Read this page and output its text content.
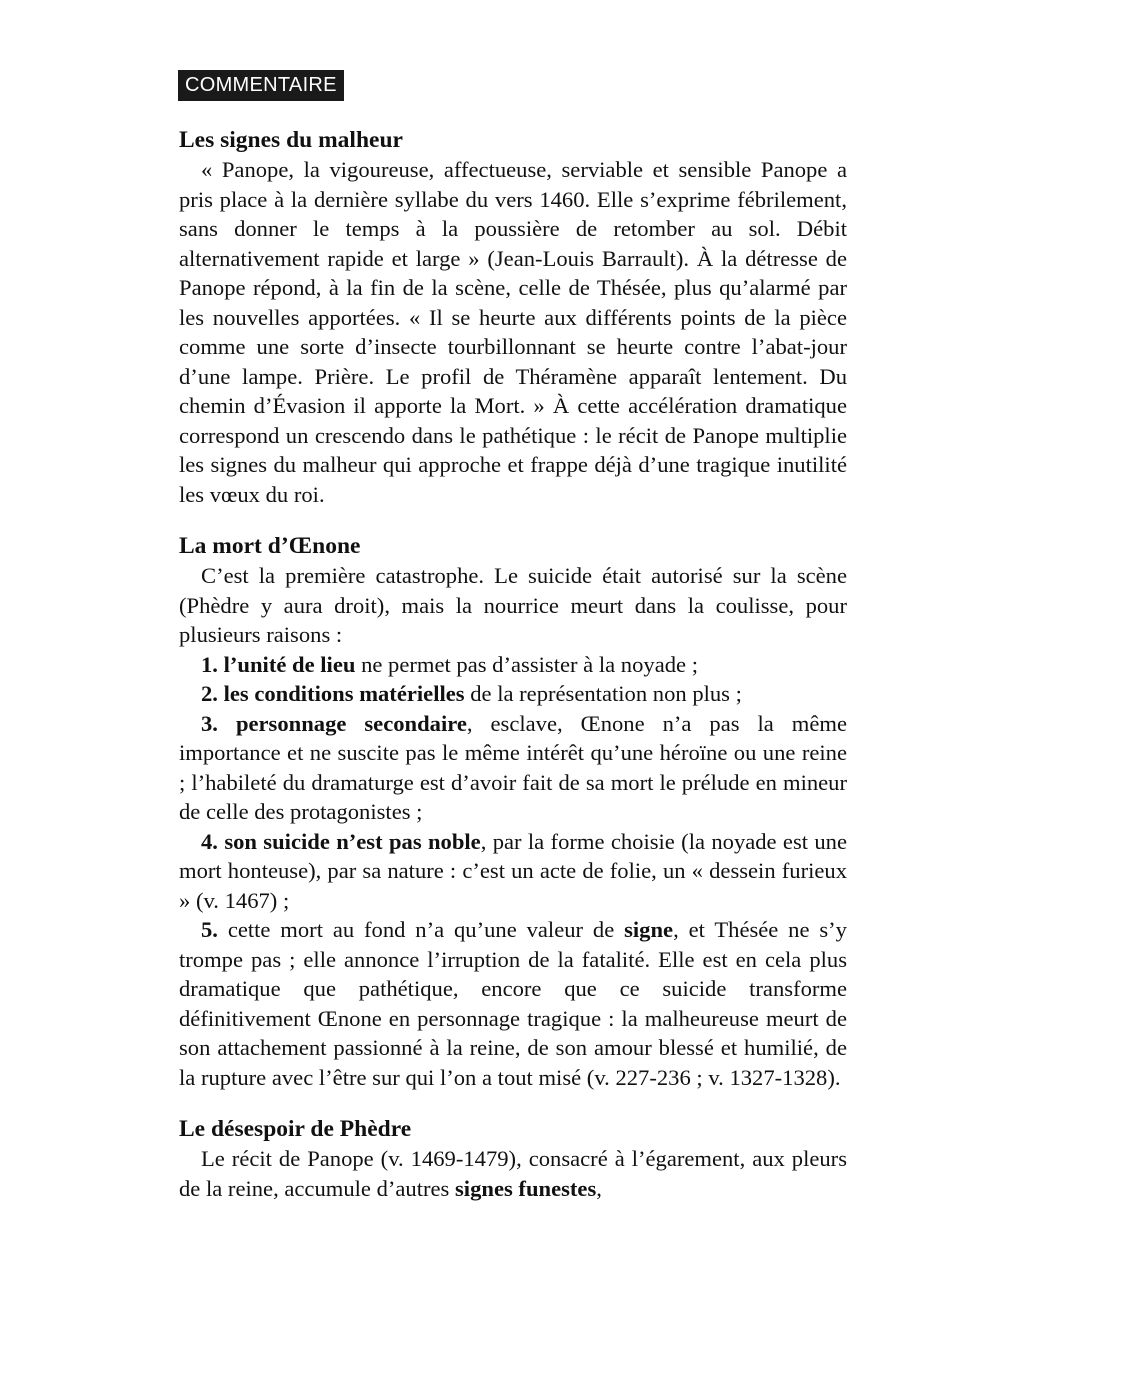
COMMENTAIRE
Les signes du malheur

« Panope, la vigoureuse, affectueuse, serviable et sensible Panope a pris place à la dernière syllabe du vers 1460. Elle s’exprime fébrilement, sans donner le temps à la poussière de retomber au sol. Débit alternativement rapide et large » (Jean-Louis Barrault). À la détresse de Panope répond, à la fin de la scène, celle de Thésée, plus qu’alarmé par les nouvelles apportées. « Il se heurte aux différents points de la pièce comme une sorte d’insecte tourbillonnant se heurte contre l’abat-jour d’une lampe. Prière. Le profil de Théramène apparaît lentement. Du chemin d’Évasion il apporte la Mort. » À cette accélération dramatique correspond un crescendo dans le pathétique : le récit de Panope multiplie les signes du malheur qui approche et frappe déjà d’une tragique inutilité les vœux du roi.

La mort d’Œnone

C’est la première catastrophe. Le suicide était autorisé sur la scène (Phèdre y aura droit), mais la nourrice meurt dans la coulisse, pour plusieurs raisons :

1. l’unité de lieu ne permet pas d’assister à la noyade ;

2. les conditions matérielles de la représentation non plus ;

3. personnage secondaire, esclave, Œnone n’a pas la même importance et ne suscite pas le même intérêt qu’une héroïne ou une reine ; l’habileté du dramaturge est d’avoir fait de sa mort le prélude en mineur de celle des protagonistes ;

4. son suicide n’est pas noble, par la forme choisie (la noyade est une mort honteuse), par sa nature : c’est un acte de folie, un « dessein furieux » (v. 1467) ;

5. cette mort au fond n’a qu’une valeur de signe, et Thésée ne s’y trompe pas ; elle annonce l’irruption de la fatalité. Elle est en cela plus dramatique que pathétique, encore que ce suicide transforme définitivement Œnone en personnage tragique : la malheureuse meurt de son attachement passionné à la reine, de son amour blessé et humilié, de la rupture avec l’être sur qui l’on a tout misé (v. 227-236 ; v. 1327-1328).

Le désespoir de Phèdre

Le récit de Panope (v. 1469-1479), consacré à l’égarement, aux pleurs de la reine, accumule d’autres signes funestes,
